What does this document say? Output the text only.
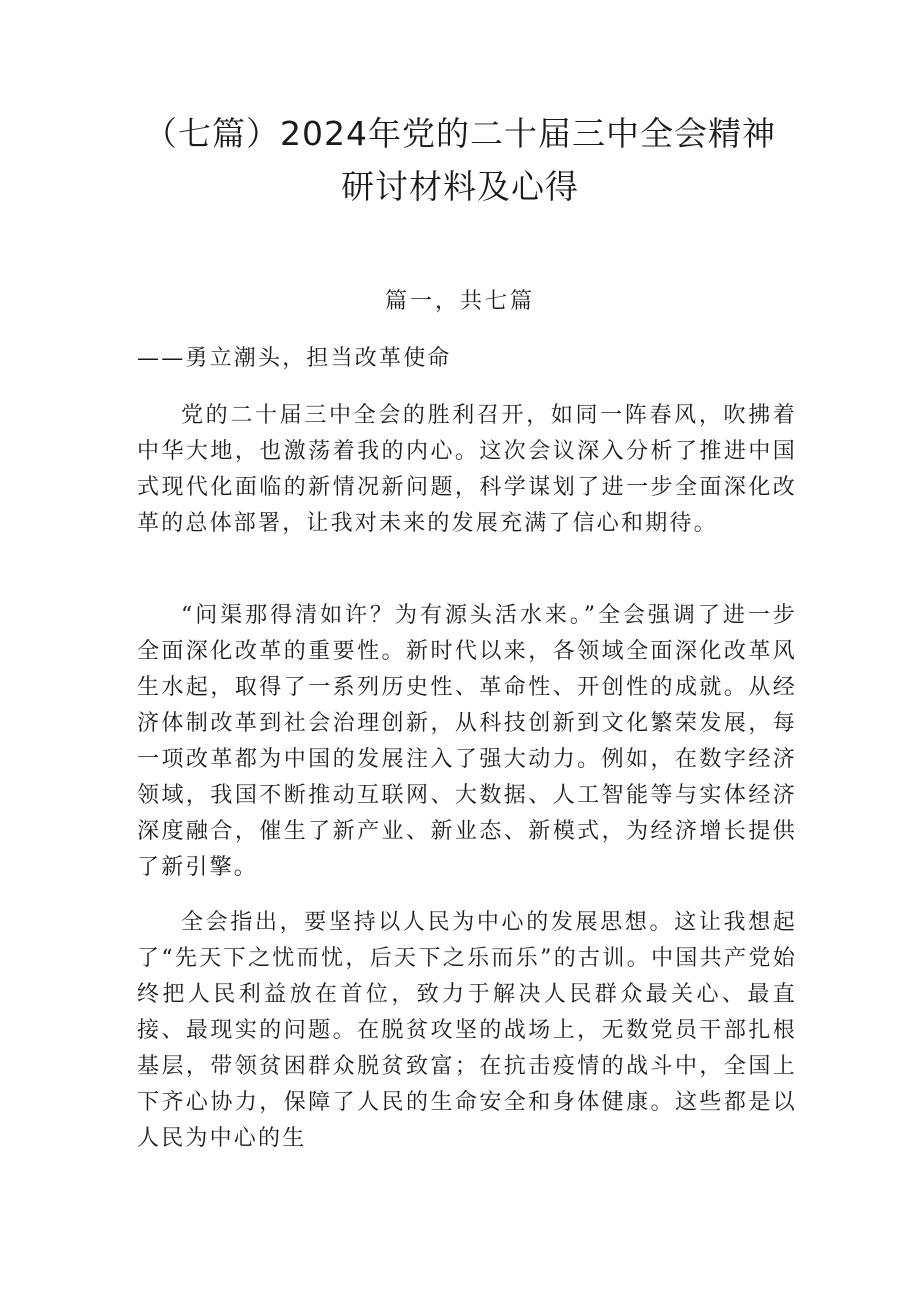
（七篇）2024年党的二十届三中全会精神
研讨材料及心得

篇一，共七篇

——勇立潮头，担当改革使命

党的二十届三中全会的胜利召开，如同一阵春风，吹拂着中华大地，也激荡着我的内心。这次会议深入分析了推进中国式现代化面临的新情况新问题，科学谋划了进一步全面深化改革的总体部署，让我对未来的发展充满了信心和期待。

“问渠那得清如许？为有源头活水来。”全会强调了进一步全面深化改革的重要性。新时代以来，各领域全面深化改革风生水起，取得了一系列历史性、革命性、开创性的成就。从经济体制改革到社会治理创新，从科技创新到文化繁荣发展，每一项改革都为中国的发展注入了强大动力。例如，在数字经济领域，我国不断推动互联网、大数据、人工智能等与实体经济深度融合，催生了新产业、新业态、新模式，为经济增长提供了新引擎。

全会指出，要坚持以人民为中心的发展思想。这让我想起了“先天下之忧而忧，后天下之乐而乐”的古训。中国共产党始终把人民利益放在首位，致力于解决人民群众最关心、最直接、最现实的问题。在脱贫攻坚的战场上，无数党员干部扎根基层，带领贫困群众脱贫致富；在抗击疫情的战斗中，全国上下齐心协力，保障了人民的生命安全和身体健康。这些都是以人民为中心的生
